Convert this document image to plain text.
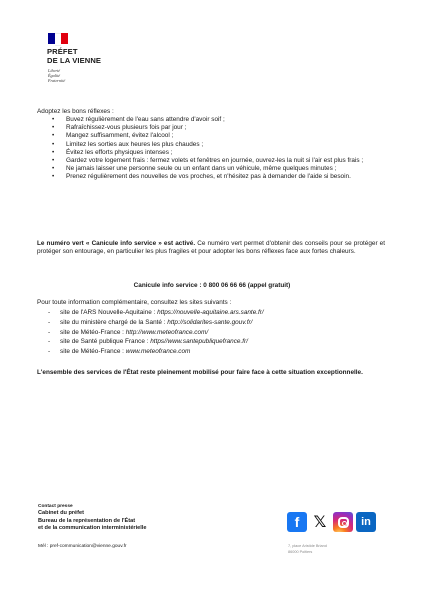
PRÉFET
DE LA VIENNE
Liberté
Égalité
Fraternité
Adoptez les bons réflexes :
• Buvez régulièrement de l'eau sans attendre d'avoir soif ;
• Rafraîchissez-vous plusieurs fois par jour ;
• Mangez suffisamment, évitez l'alcool ;
• Limitez les sorties aux heures les plus chaudes ;
• Évitez les efforts physiques intenses ;
• Gardez votre logement frais : fermez volets et fenêtres en journée, ouvrez-les la nuit si l'air est plus frais ;
• Ne jamais laisser une personne seule ou un enfant dans un véhicule, même quelques minutes ;
• Prenez régulièrement des nouvelles de vos proches, et n'hésitez pas à demander de l'aide si besoin.
Le numéro vert « Canicule info service » est activé. Ce numéro vert permet d'obtenir des conseils pour se protéger et protéger son entourage, en particulier les plus fragiles et pour adopter les bons réflexes face aux fortes chaleurs.
Canicule info service : 0 800 06 66 66 (appel gratuit)
Pour toute information complémentaire, consultez les sites suivants :
- site de l'ARS Nouvelle-Aquitaine : https://nouvelle-aquitaine.ars.sante.fr/
- site du ministère chargé de la Santé : http://solidarites-sante.gouv.fr/
- site de Météo-France : http://www.meteofrance.com/
- site de Santé publique France : https//www.santepubliquefrance.fr/
- site de Météo-France : www.meteofrance.com
L'ensemble des services de l'État reste pleinement mobilisé pour faire face à cette situation exceptionnelle.
Contact presse
Cabinet du préfet
Bureau de la représentation de l'État
et de la communication interministérielle
Mél : pref-communication@vienne.gouv.fr
f 𝕏	in
7, place Aristide Briand
86000 Poitiers
